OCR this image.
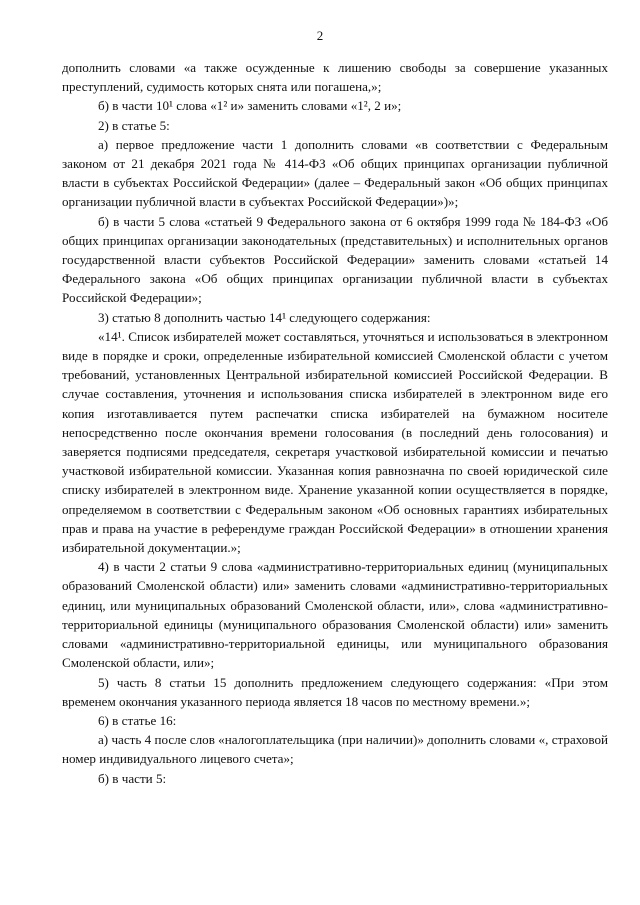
2

дополнить словами «а также осужденные к лишению свободы за совершение указанных преступлений, судимость которых снята или погашена,»;

б) в части 10¹ слова «1² и» заменить словами «1², 2 и»;

2) в статье 5:

а) первое предложение части 1 дополнить словами «в соответствии с Федеральным законом от 21 декабря 2021 года № 414-ФЗ «Об общих принципах организации публичной власти в субъектах Российской Федерации» (далее – Федеральный закон «Об общих принципах организации публичной власти в субъектах Российской Федерации»)»;

б) в части 5 слова «статьей 9 Федерального закона от 6 октября 1999 года № 184-ФЗ «Об общих принципах организации законодательных (представительных) и исполнительных органов государственной власти субъектов Российской Федерации» заменить словами «статьей 14 Федерального закона «Об общих принципах организации публичной власти в субъектах Российской Федерации»;

3) статью 8 дополнить частью 14¹ следующего содержания:

«14¹. Список избирателей может составляться, уточняться и использоваться в электронном виде в порядке и сроки, определенные избирательной комиссией Смоленской области с учетом требований, установленных Центральной избирательной комиссией Российской Федерации. В случае составления, уточнения и использования списка избирателей в электронном виде его копия изготавливается путем распечатки списка избирателей на бумажном носителе непосредственно после окончания времени голосования (в последний день голосования) и заверяется подписями председателя, секретаря участковой избирательной комиссии и печатью участковой избирательной комиссии. Указанная копия равнозначна по своей юридической силе списку избирателей в электронном виде. Хранение указанной копии осуществляется в порядке, определяемом в соответствии с Федеральным законом «Об основных гарантиях избирательных прав и права на участие в референдуме граждан Российской Федерации» в отношении хранения избирательной документации.»;

4) в части 2 статьи 9 слова «административно-территориальных единиц (муниципальных образований Смоленской области) или» заменить словами «административно-территориальных единиц, или муниципальных образований Смоленской области, или», слова «административно-территориальной единицы (муниципального образования Смоленской области) или» заменить словами «административно-территориальной единицы, или муниципального образования Смоленской области, или»;

5) часть 8 статьи 15 дополнить предложением следующего содержания: «При этом временем окончания указанного периода является 18 часов по местному времени.»;

6) в статье 16:

а) часть 4 после слов «налогоплательщика (при наличии)» дополнить словами «, страховой номер индивидуального лицевого счета»;

б) в части 5:
